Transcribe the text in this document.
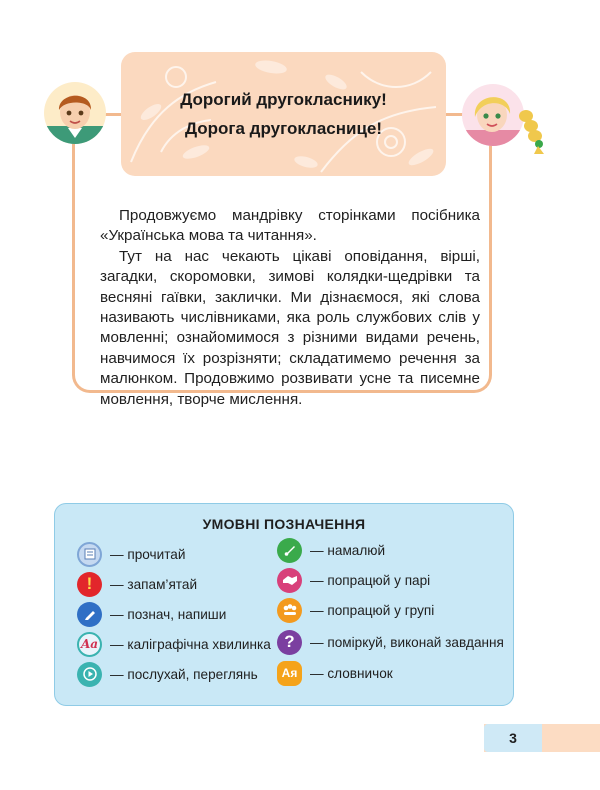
Дорогий другокласнику!
Дорога другокласнице!

Продовжуємо мандрівку сторінками посібника «Українська мова та читання».

Тут на нас чекають цікаві оповідання, вірші, загадки, скоромовки, зимові колядки-щедрівки та весняні гаївки, заклички. Ми дізнаємося, які слова називають числівниками, яка роль службових слів у мовленні; ознайомимося з різними видами речень, навчимося їх розрізняти; складатимемо речення за малюнком. Продовжимо розвивати усне та писемне мовлення, творче мислення.

УМОВНІ ПОЗНАЧЕННЯ
— прочитай
!	— запам’ятай
— познач, напиши
Aa — каліграфічна хвилинка
— послухай, переглянь
— намалюй
— попрацюй у парі
— попрацюй у групі
?	— поміркуй, виконай завдання
Ая — словничок
3
